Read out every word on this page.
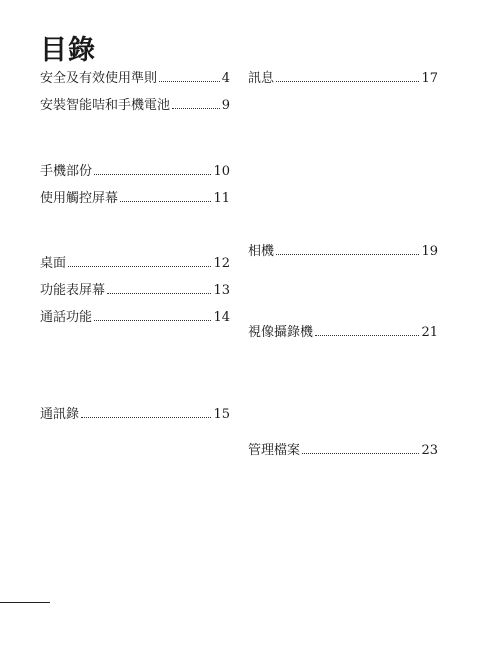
目錄
安全及有效使用準則	4
安裝智能咭和手機電池	9
手機部份	10
使用觸控屏幕	11
桌面	12
功能表屏幕	13
通話功能	14
通訊錄	15
訊息	17
相機	19
視像攝錄機	21
管理檔案	23
